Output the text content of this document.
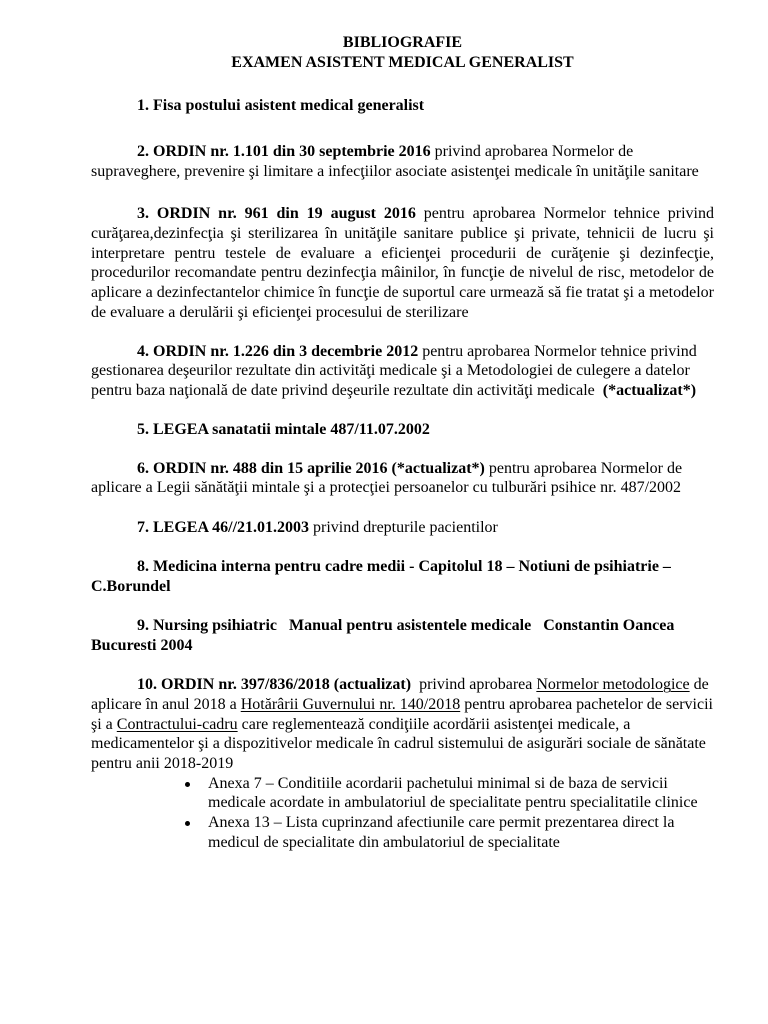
BIBLIOGRAFIE
EXAMEN ASISTENT MEDICAL GENERALIST

1. Fisa postului asistent medical generalist

2. ORDIN nr. 1.101 din 30 septembrie 2016 privind aprobarea Normelor de supraveghere, prevenire şi limitare a infecţiilor asociate asistenţei medicale în unităţile sanitare

3. ORDIN nr. 961 din 19 august 2016 pentru aprobarea Normelor tehnice privind curăţarea,dezinfecţia şi sterilizarea în unităţile sanitare publice şi private, tehnicii de lucru şi interpretare pentru testele de evaluare a eficienţei procedurii de curăţenie şi dezinfecţie, procedurilor recomandate pentru dezinfecţia mâinilor, în funcţie de nivelul de risc, metodelor de aplicare a dezinfectantelor chimice în funcţie de suportul care urmează să fie tratat şi a metodelor de evaluare a derulării şi eficienţei procesului de sterilizare

4. ORDIN nr. 1.226 din 3 decembrie 2012 pentru aprobarea Normelor tehnice privind gestionarea deşeurilor rezultate din activităţi medicale şi a Metodologiei de culegere a datelor pentru baza naţională de date privind deşeurile rezultate din activităţi medicale  (*actualizat*)

5. LEGEA sanatatii mintale 487/11.07.2002

6. ORDIN nr. 488 din 15 aprilie 2016 (*actualizat*) pentru aprobarea Normelor de aplicare a Legii sănătăţii mintale şi a protecţiei persoanelor cu tulburări psihice nr. 487/2002

7. LEGEA 46//21.01.2003 privind drepturile pacientilor

8. Medicina interna pentru cadre medii - Capitolul 18 – Notiuni de psihiatrie – C.Borundel

9. Nursing psihiatric   Manual pentru asistentele medicale   Constantin Oancea   Bucuresti 2004

10. ORDIN nr. 397/836/2018 (actualizat)  privind aprobarea Normelor metodologice de aplicare în anul 2018 a Hotărârii Guvernului nr. 140/2018 pentru aprobarea pachetelor de servicii şi a Contractului-cadru care reglementează condiţiile acordării asistenţei medicale, a medicamentelor şi a dispozitivelor medicale în cadrul sistemului de asigurări sociale de sănătate pentru anii 2018-2019

Anexa 7 – Conditiile acordarii pachetului minimal si de baza de servicii medicale acordate in ambulatoriul de specialitate pentru specialitatile clinice
Anexa 13 – Lista cuprinzand afectiunile care permit prezentarea direct la medicul de specialitate din ambulatoriul de specialitate
